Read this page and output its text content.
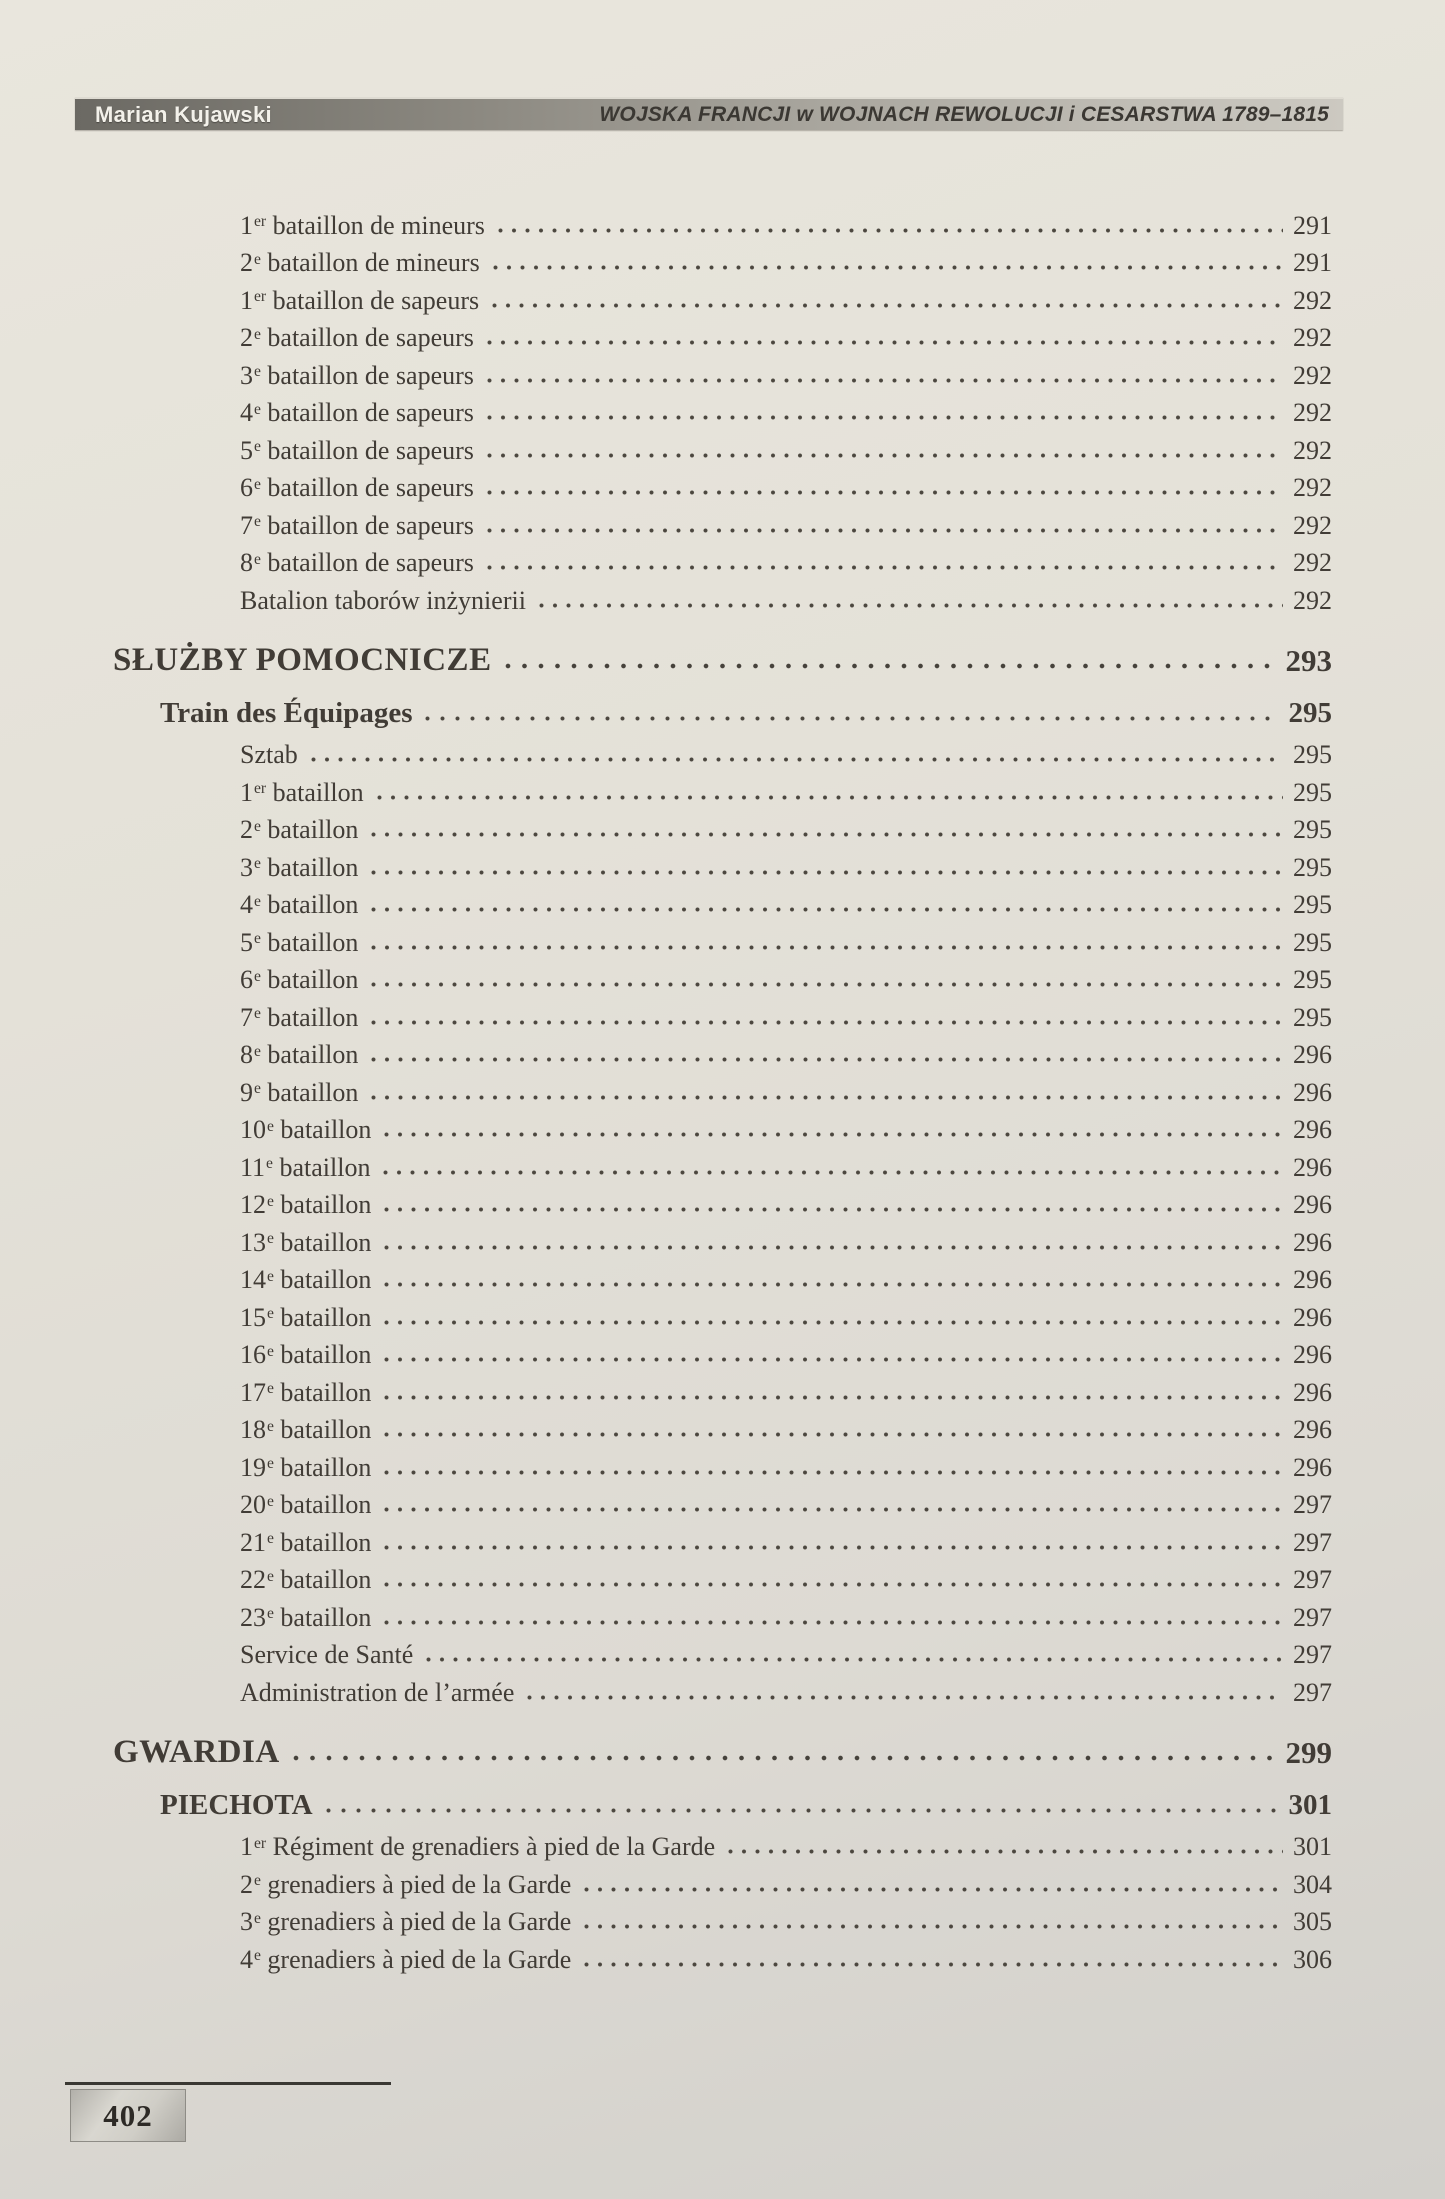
Marian Kujawski	WOJSKA FRANCJI w WOJNACH REWOLUCJI i CESARSTWA 1789–1815
1er bataillon de mineurs	291
2e bataillon de mineurs	291
1er bataillon de sapeurs	292
2e bataillon de sapeurs	292
3e bataillon de sapeurs	292
4e bataillon de sapeurs	292
5e bataillon de sapeurs	292
6e bataillon de sapeurs	292
7e bataillon de sapeurs	292
8e bataillon de sapeurs	292
Batalion taborów inżynierii	292
SŁUŻBY POMOCNICZE	293
Train des Équipages	295
Sztab	295
1er bataillon	295
2e bataillon	295
3e bataillon	295
4e bataillon	295
5e bataillon	295
6e bataillon	295
7e bataillon	295
8e bataillon	296
9e bataillon	296
10e bataillon	296
11e bataillon	296
12e bataillon	296
13e bataillon	296
14e bataillon	296
15e bataillon	296
16e bataillon	296
17e bataillon	296
18e bataillon	296
19e bataillon	296
20e bataillon	297
21e bataillon	297
22e bataillon	297
23e bataillon	297
Service de Santé	297
Administration de l’armée	297
GWARDIA	299
PIECHOTA	301
1er Régiment de grenadiers à pied de la Garde	301
2e grenadiers à pied de la Garde	304
3e grenadiers à pied de la Garde	305
4e grenadiers à pied de la Garde	306
402
